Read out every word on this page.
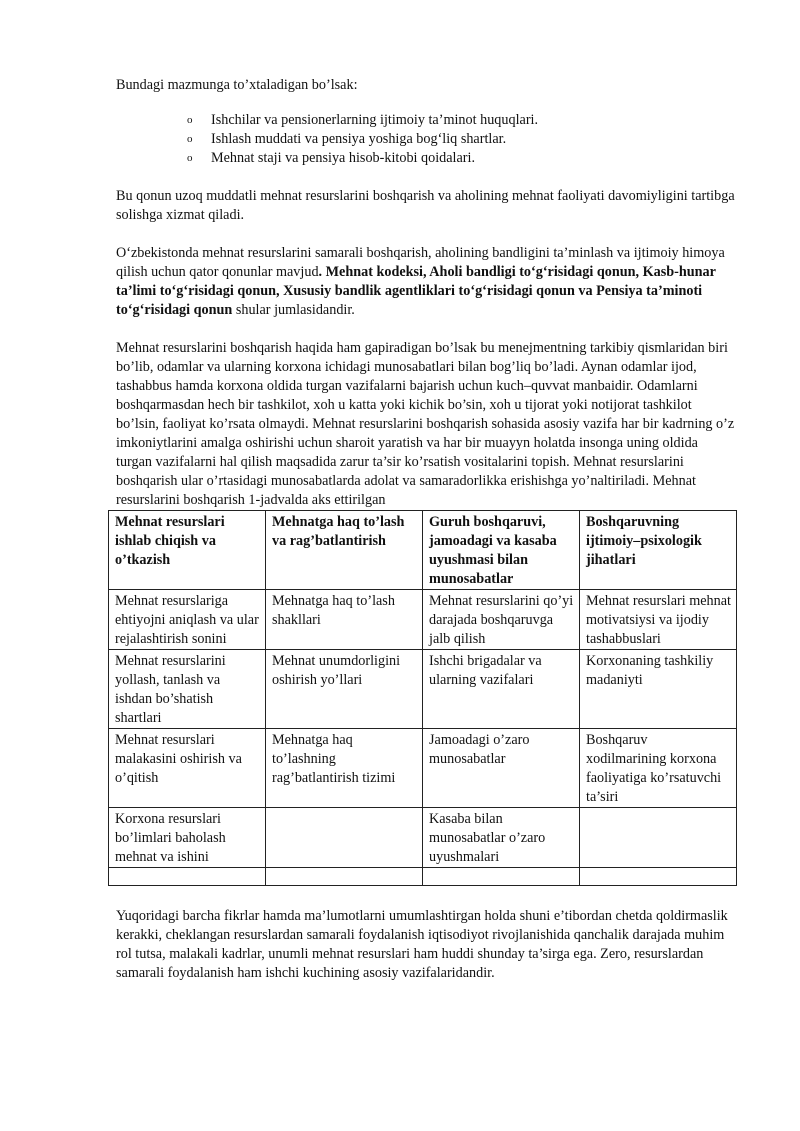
Bundagi mazmunga to’xtaladigan bo’lsak:

o Ishchilar va pensionerlarning ijtimoiy ta’minot huquqlari.
o Ishlash muddati va pensiya yoshiga bog‘liq shartlar.
o Mehnat staji va pensiya hisob-kitobi qoidalari.

Bu qonun uzoq muddatli mehnat resurslarini boshqarish va aholining mehnat faoliyati davomiyligini tartibga solishga xizmat qiladi.

O‘zbekistonda mehnat resurslarini samarali boshqarish, aholining bandligini ta’minlash va ijtimoiy himoya qilish uchun qator qonunlar mavjud. Mehnat kodeksi, Aholi bandligi to‘g‘risidagi qonun, Kasb-hunar ta’limi to‘g‘risidagi qonun, Xususiy bandlik agentliklari to‘g‘risidagi qonun va Pensiya ta’minoti to‘g‘risidagi qonun shular jumlasidandir.

Mehnat resurslarini boshqarish haqida ham gapiradigan bo’lsak bu menejmentning tarkibiy qismlaridan biri bo’lib, odamlar va ularning korxona ichidagi munosabatlari bilan bog’liq bo’ladi. Aynan odamlar ijod, tashabbus hamda korxona oldida turgan vazifalarni bajarish uchun kuch–quvvat manbaidir. Odamlarni boshqarmasdan hech bir tashkilot, xoh u katta yoki kichik bo’sin, xoh u tijorat yoki notijorat tashkilot bo’lsin, faoliyat ko’rsata olmaydi. Mehnat resurslarini boshqarish sohasida asosiy vazifa har bir kadrning o’z imkoniytlarini amalga oshirishi uchun sharoit yaratish va har bir muayyn holatda insonga uning oldida turgan vazifalarni hal qilish maqsadida zarur ta’sir ko’rsatish vositalarini topish. Mehnat resurslarini boshqarish ular o’rtasidagi munosabatlarda adolat va samaradorlikka erishishga yo’naltiriladi. Mehnat resurslarini boshqarish 1-jadvalda aks ettirilgan

Mehnat resurslari ishlab chiqish va o’tkazish	Mehnatga haq to’lash va rag’batlantirish	Guruh boshqaruvi, jamoadagi va kasaba uyushmasi bilan munosabatlar	Boshqaruvning ijtimoiy–psixologik jihatlari
Mehnat resurslariga ehtiyojni aniqlash va ular rejalashtirish sonini	Mehnatga haq to’lash shakllari	Mehnat resurslarini qo’yi darajada boshqaruvga jalb qilish	Mehnat resurslari mehnat motivatsiysi va ijodiy tashabbuslari
Mehnat resurslarini yollash, tanlash va ishdan bo’shatish shartlari	Mehnat unumdorligini oshirish yo’llari	Ishchi brigadalar va ularning vazifalari	Korxonaning tashkiliy madaniyti
Mehnat resurslari malakasini oshirish va o’qitish	Mehnatga haq to’lashning rag’batlantirish tizimi	Jamoadagi o’zaro munosabatlar	Boshqaruv xodilmarining korxona faoliyatiga ko’rsatuvchi ta’siri
Korxona resurslari bo’limlari baholash mehnat va ishini		Kasaba bilan munosabatlar o’zaro uyushmalari	

Yuqoridagi barcha fikrlar hamda ma’lumotlarni umumlashtirgan holda shuni e’tibordan chetda qoldirmaslik kerakki, cheklangan resurslardan samarali foydalanish iqtisodiyot rivojlanishida qanchalik darajada muhim rol tutsa, malakali kadrlar, unumli mehnat resurslari ham huddi shunday ta’sirga ega. Zero, resurslardan samarali foydalanish ham ishchi kuchining asosiy vazifalaridandir.
